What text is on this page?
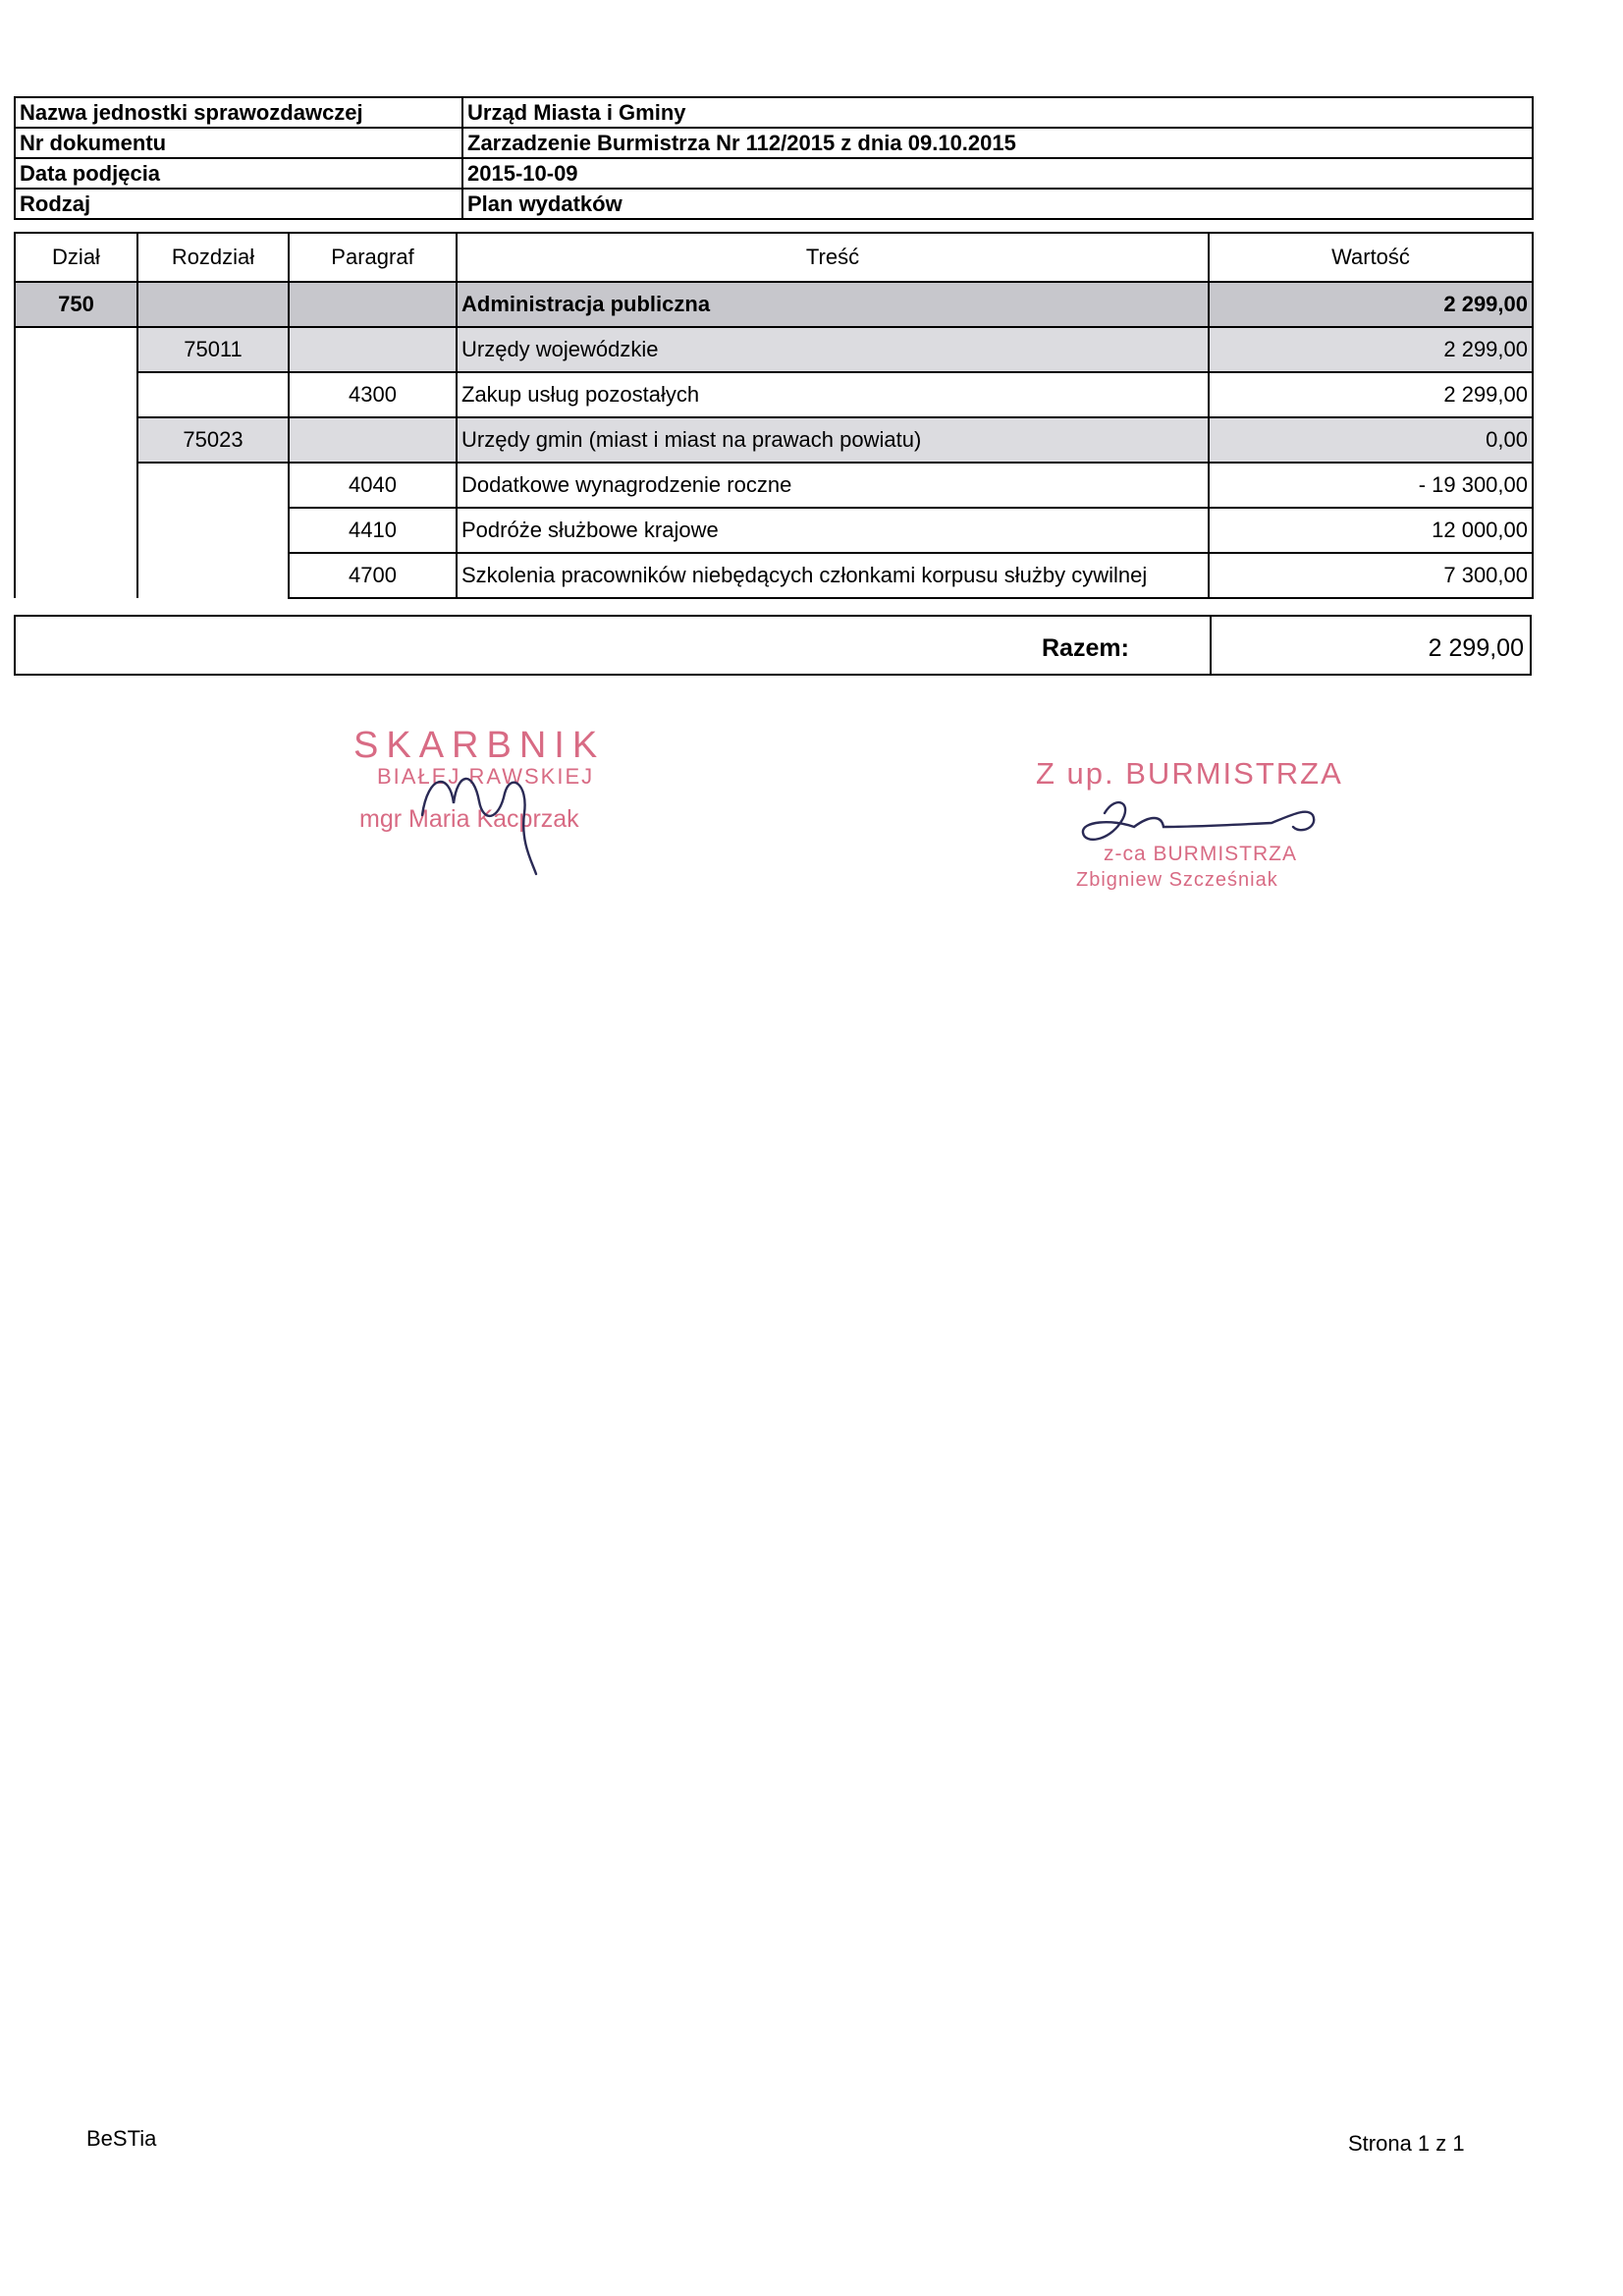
Nazwa jednostki sprawozdawczej	Urząd Miasta i Gminy
Nr dokumentu	Zarzadzenie Burmistrza Nr 112/2015 z dnia 09.10.2015
Data podjęcia	2015-10-09
Rodzaj	Plan wydatków
Dział	Rozdział	Paragraf	Treść	Wartość
750			Administracja publiczna	2 299,00
	75011		Urzędy wojewódzkie	2 299,00
		4300	Zakup usług pozostałych	2 299,00
	75023		Urzędy gmin (miast i miast na prawach powiatu)	0,00
		4040	Dodatkowe wynagrodzenie roczne	- 19 300,00
		4410	Podróże służbowe krajowe	12 000,00
		4700	Szkolenia pracowników niebędących członkami korpusu służby cywilnej	7 300,00
Razem:	2 299,00
SKARBNIK
BIAŁEJ RAWSKIEJ
mgr Maria Kacprzak
Z up. BURMISTRZA
z-ca BURMISTRZA
Zbigniew Szcześniak
BeSTia	Strona 1 z 1
